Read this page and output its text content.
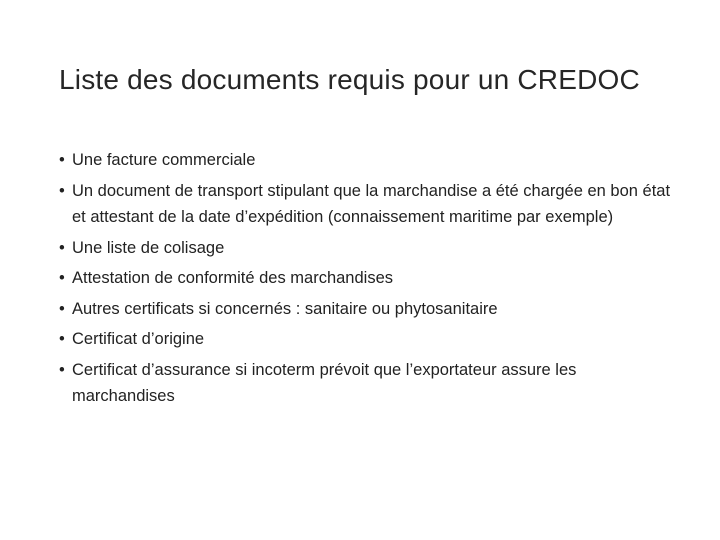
Liste des documents requis pour un CREDOC
• Une facture commerciale
• Un document de transport stipulant que la marchandise a été chargée en bon état et attestant de la date d’expédition (connaissement maritime par exemple)
• Une liste de colisage
• Attestation de conformité des marchandises
• Autres certificats si concernés : sanitaire ou phytosanitaire
• Certificat d’origine
• Certificat d’assurance si incoterm prévoit que l’exportateur assure les marchandises
